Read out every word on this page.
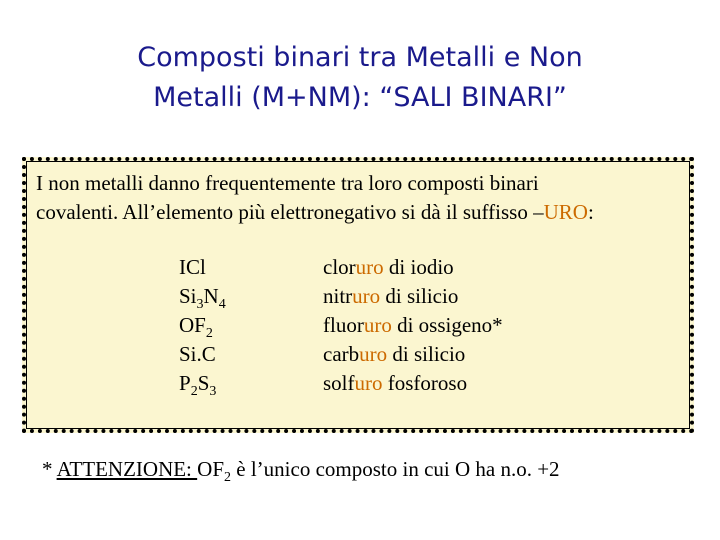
Composti binari tra Metalli e Non
Metalli (M+NM): “SALI BINARI”
I non metalli danno frequentemente tra loro composti binari
covalenti. All’elemento più elettronegativo si dà il suffisso –URO:
ICl
$Si_3N_4$
$OF_2$
Si.C
$P_2S_3$
cloruro di iodio
nitruro di silicio
fluoruro di ossigeno*
carburo di silicio
solfuro fosforoso
* ATTENZIONE: $OF_2$ è l’unico composto in cui O ha n.o. +2
